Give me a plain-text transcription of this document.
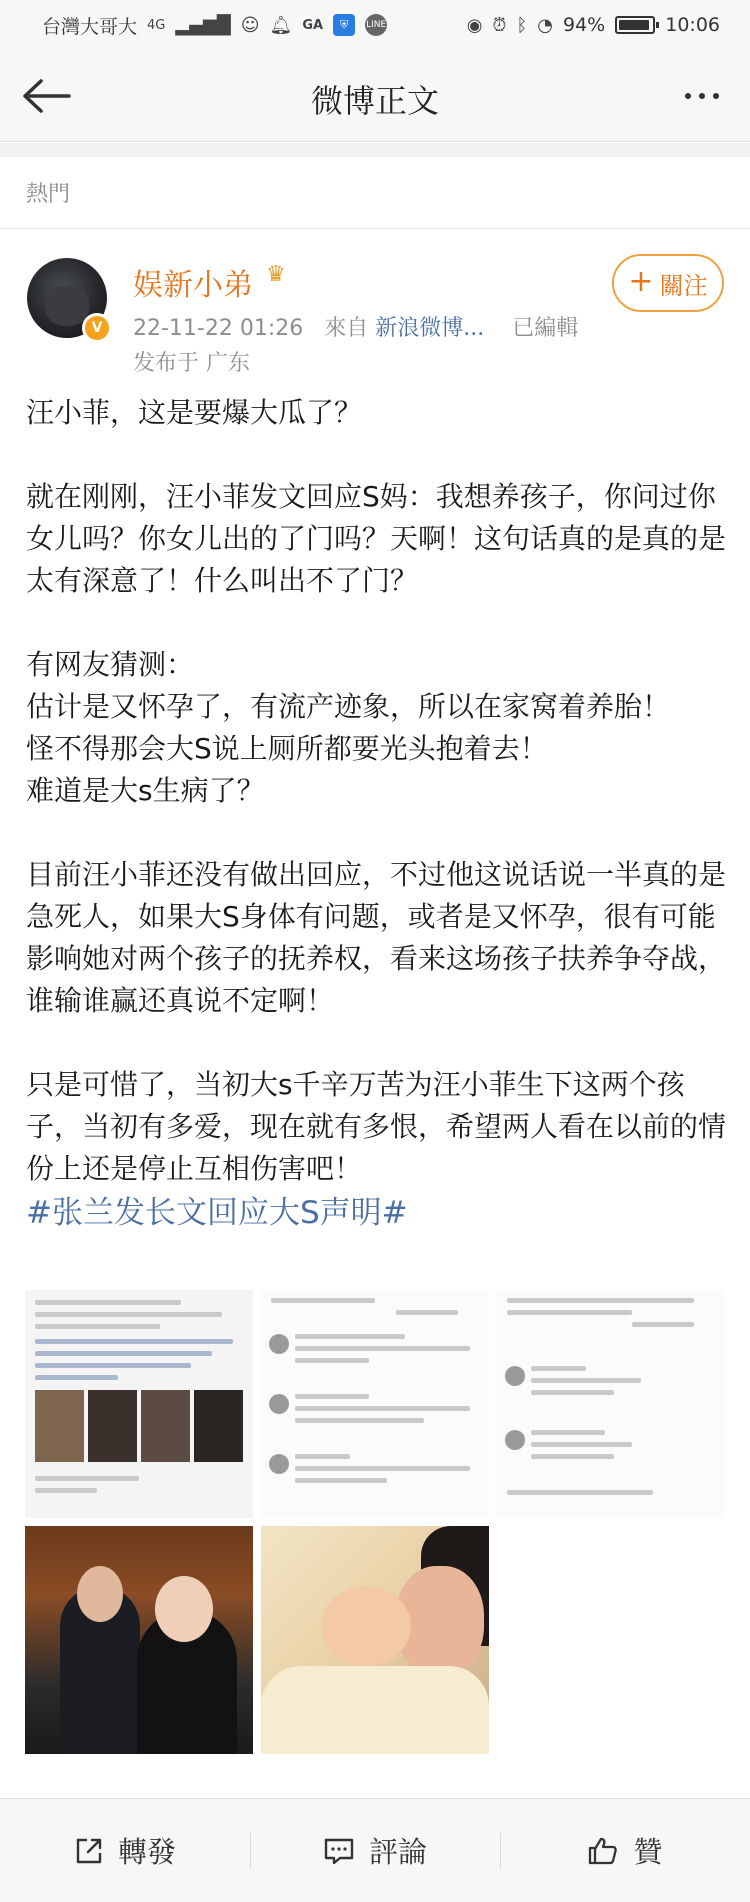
台灣大哥大 4G ▂▄▆█ ☺ 🔔︎ GA	⛨	LINE	◉ ⏰︎ ᛒ ◔ 94%	10:06
微博正文
熱門
V
娱新小弟 ♛
22-11-22 01:26 來自 新浪微博... 已編輯
发布于 广东
+ 關注

汪小菲，这是要爆大瓜了？

就在刚刚，汪小菲发文回应S妈：我想养孩子，你问过你女儿吗？你女儿出的了门吗？天啊！这句话真的是真的是太有深意了！什么叫出不了门？

有网友猜测：

估计是又怀孕了，有流产迹象，所以在家窝着养胎！

怪不得那会大S说上厕所都要光头抱着去！

难道是大s生病了？

目前汪小菲还没有做出回应，不过他这说话说一半真的是急死人，如果大S身体有问题，或者是又怀孕，很有可能影响她对两个孩子的抚养权，看来这场孩子扶养争夺战，谁输谁赢还真说不定啊！

只是可惜了，当初大s千辛万苦为汪小菲生下这两个孩子，当初有多爱，现在就有多恨，希望两人看在以前的情份上还是停止互相伤害吧！

#张兰发长文回应大S声明#
轉發	評論	贊
